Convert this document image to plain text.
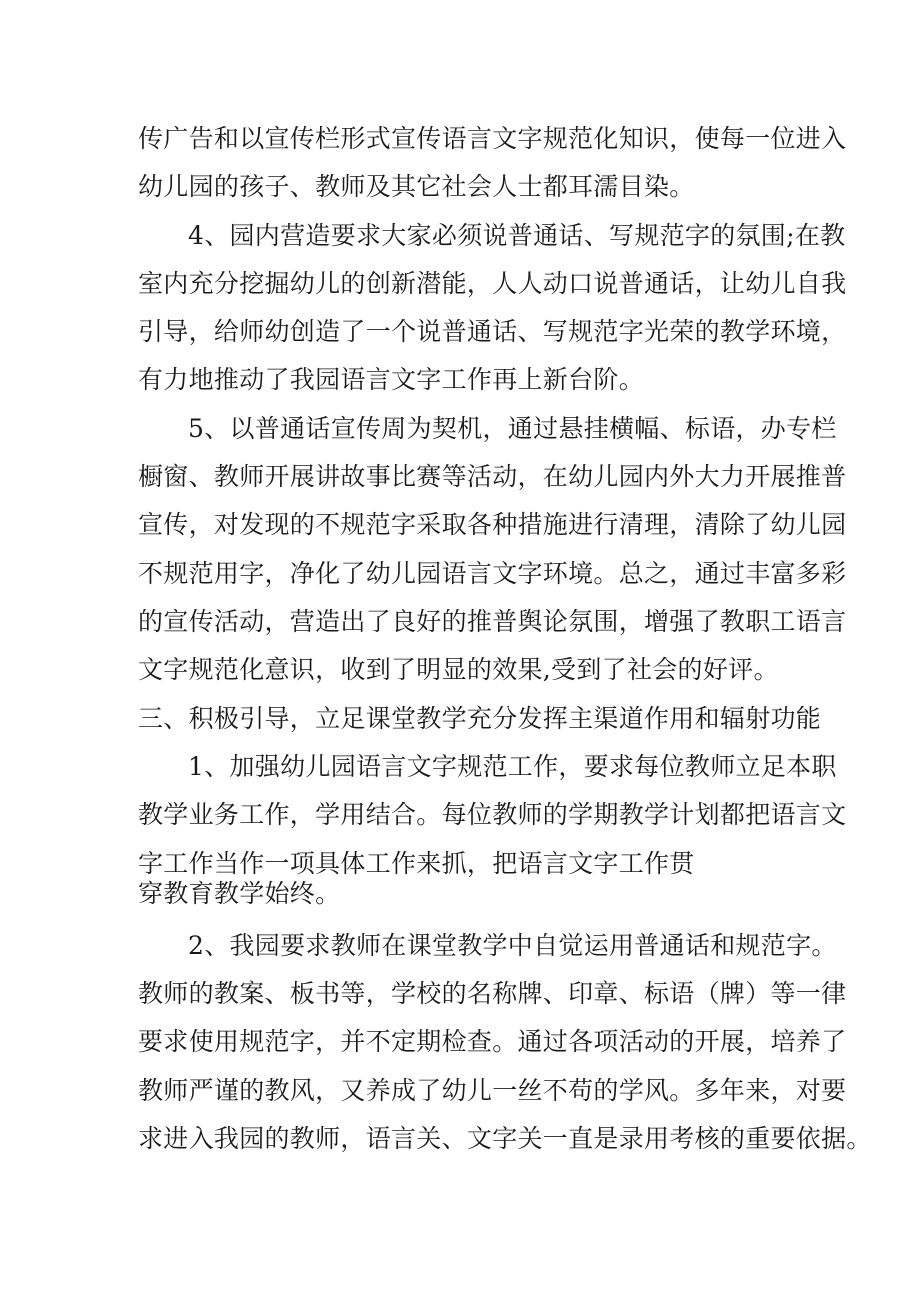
传广告和以宣传栏形式宣传语言文字规范化知识，使每一位进入
幼儿园的孩子、教师及其它社会人士都耳濡目染。
4、园内营造要求大家必须说普通话、写规范字的氛围;在教
室内充分挖掘幼儿的创新潜能，人人动口说普通话，让幼儿自我
引导，给师幼创造了一个说普通话、写规范字光荣的教学环境，
有力地推动了我园语言文字工作再上新台阶。
5、以普通话宣传周为契机，通过悬挂横幅、标语，办专栏
橱窗、教师开展讲故事比赛等活动，在幼儿园内外大力开展推普
宣传，对发现的不规范字采取各种措施进行清理，清除了幼儿园
不规范用字，净化了幼儿园语言文字环境。总之，通过丰富多彩
的宣传活动，营造出了良好的推普舆论氛围，增强了教职工语言
文字规范化意识，收到了明显的效果,受到了社会的好评。
三、积极引导，立足课堂教学充分发挥主渠道作用和辐射功能
1、加强幼儿园语言文字规范工作，要求每位教师立足本职
教学业务工作，学用结合。每位教师的学期教学计划都把语言文
字工作当作一项具体工作来抓，把语言文字工作贯
穿教育教学始终。
2、我园要求教师在课堂教学中自觉运用普通话和规范字。
教师的教案、板书等，学校的名称牌、印章、标语（牌）等一律
要求使用规范字，并不定期检查。通过各项活动的开展，培养了
教师严谨的教风，又养成了幼儿一丝不苟的学风。多年来，对要
求进入我园的教师，语言关、文字关一直是录用考核的重要依据。
